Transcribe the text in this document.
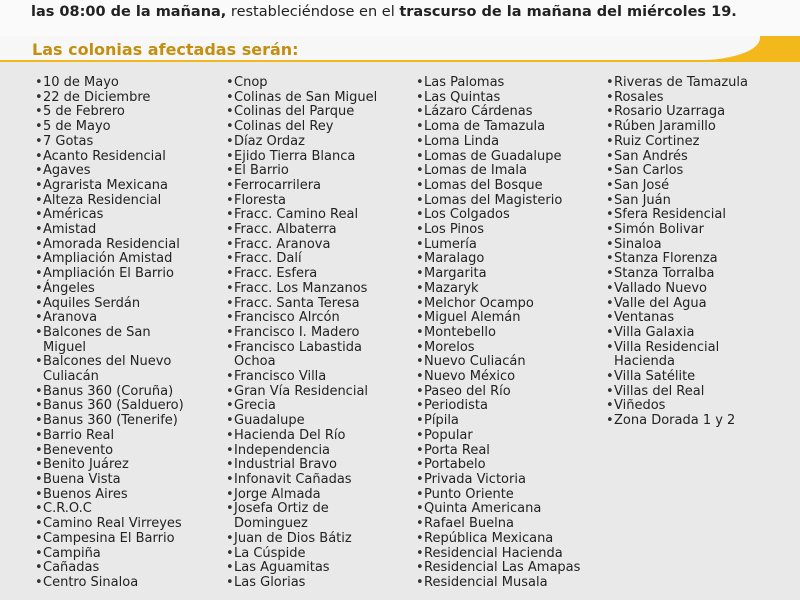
las 08:00 de la mañana, restableciéndose en el trascurso de la mañana del miércoles 19.
Las colonias afectadas serán:
• 10 de Mayo
• 22 de Diciembre
• 5 de Febrero
• 5 de Mayo
• 7 Gotas
• Acanto Residencial
• Agaves
• Agrarista Mexicana
• Alteza Residencial
• Américas
• Amistad
• Amorada Residencial
• Ampliación Amistad
• Ampliación El Barrio
• Ángeles
• Aquiles Serdán
• Aranova
• Balcones de San
Miguel
• Balcones del Nuevo
Culiacán
• Banus 360 (Coruña)
• Banus 360 (Salduero)
• Banus 360 (Tenerife)
• Barrio Real
• Benevento
• Benito Juárez
• Buena Vista
• Buenos Aires
• C.R.O.C
• Camino Real Virreyes
• Campesina El Barrio
• Campiña
• Cañadas
• Centro Sinaloa
• Cnop
• Colinas de San Miguel
• Colinas del Parque
• Colinas del Rey
• Díaz Ordaz
• Ejido Tierra Blanca
• El Barrio
• Ferrocarrilera
• Floresta
• Fracc. Camino Real
• Fracc. Albaterra
• Fracc. Aranova
• Fracc. Dalí
• Fracc. Esfera
• Fracc. Los Manzanos
• Fracc. Santa Teresa
• Francisco Alrcón
• Francisco I. Madero
• Francisco Labastida
Ochoa
• Francisco Villa
• Gran Vía Residencial
• Grecia
• Guadalupe
• Hacienda Del Río
• Independencia
• Industrial Bravo
• Infonavit Cañadas
• Jorge Almada
• Josefa Ortiz de
Dominguez
• Juan de Dios Bátiz
• La Cúspide
• Las Aguamitas
• Las Glorias
• Las Palomas
• Las Quintas
• Lázaro Cárdenas
• Loma de Tamazula
• Loma Linda
• Lomas de Guadalupe
• Lomas de Imala
• Lomas del Bosque
• Lomas del Magisterio
• Los Colgados
• Los Pinos
• Lumería
• Maralago
• Margarita
• Mazaryk
• Melchor Ocampo
• Miguel Alemán
• Montebello
• Morelos
• Nuevo Culiacán
• Nuevo México
• Paseo del Río
• Periodista
• Pípila
• Popular
• Porta Real
• Portabelo
• Privada Victoria
• Punto Oriente
• Quinta Americana
• Rafael Buelna
• República Mexicana
• Residencial Hacienda
• Residencial Las Amapas
• Residencial Musala
• Riveras de Tamazula
• Rosales
• Rosario Uzarraga
• Rúben Jaramillo
• Ruiz Cortinez
• San Andrés
• San Carlos
• San José
• San Juán
• Sfera Residencial
• Simón Bolivar
• Sinaloa
• Stanza Florenza
• Stanza Torralba
• Vallado Nuevo
• Valle del Agua
• Ventanas
• Villa Galaxia
• Villa Residencial
Hacienda
• Villa Satélite
• Villas del Real
• Viñedos
• Zona Dorada 1 y 2
